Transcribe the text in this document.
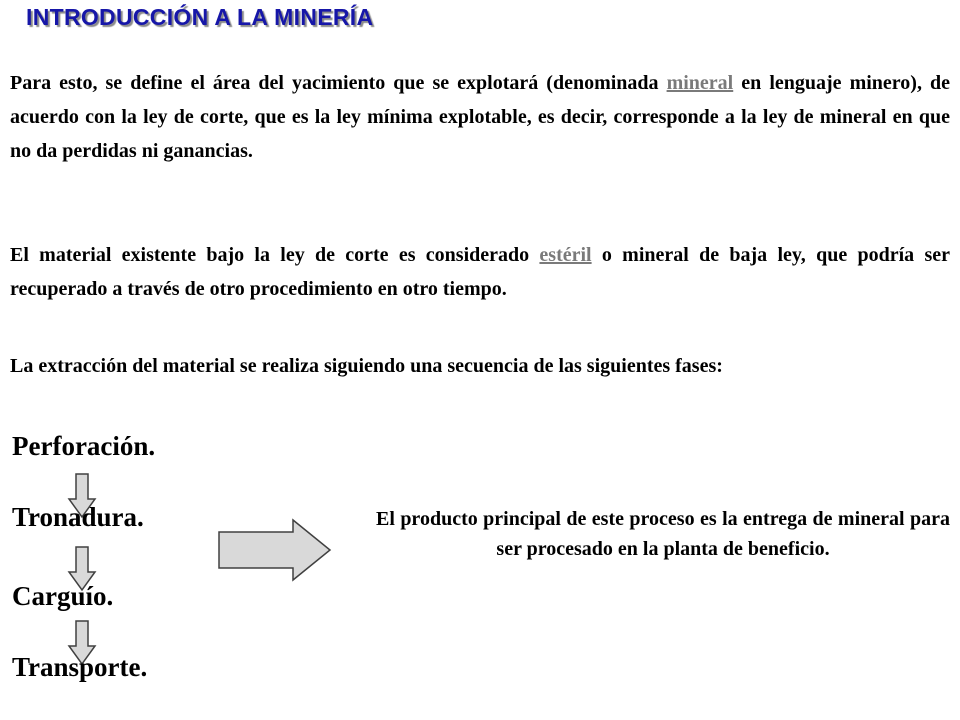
INTRODUCCIÓN A LA MINERÍA

Para esto, se define el área del yacimiento que se explotará (denominada mineral en lenguaje minero), de acuerdo con la ley de corte, que es la ley mínima explotable, es decir, corresponde a la ley de mineral en que no da perdidas ni ganancias.

El material existente bajo la ley de corte es considerado estéril o mineral de baja ley, que podría ser recuperado a través de otro procedimiento en otro tiempo.

La extracción del material se realiza siguiendo una secuencia de las siguientes fases:

Perforación.

Tronadura.

Carguío.

Transporte.

El producto principal de este proceso es la entrega de mineral para ser procesado en la planta de beneficio.
